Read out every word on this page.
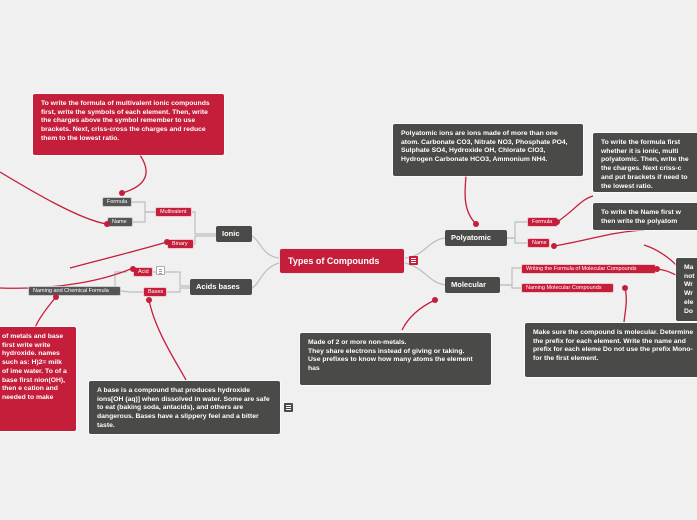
Types of Compounds
Ionic
Acids bases
Polyatomic
Molecular
Multivalent
Binary
Formula
Name
Acid
Bases
Naming and Chemical Formula
Formula
Name
Writing the Formula of Molecular Compounds
Naming Molecular Compounds
To write the formula of multivalent ionic compounds first, write the symbols of each element. Then, write the charges above the symbol remember to use brackets. Next, criss-cross the charges and reduce them to the lowest ratio.
Polyatomic ions are ions made of more than one atom. Carbonate CO3, Nitrate NO3, Phosphate PO4, Sulphate SO4, Hydroxide OH, Chlorate ClO3, Hydrogen Carbonate HCO3, Ammonium NH4.
To write the formula first whether it is ionic, multi polyatomic. Then, write the the charges. Next criss-c and put brackets if need to the lowest ratio.
To write the Name first w then write the polyatom
Ma not Wr Wr ele Do
Made of 2 or more non-metals.
They share electrons instead of giving or taking.
Use prefixes to know how many atoms the element has
Make sure the compound is molecular. Determine the prefix for each element. Write the name and prefix for each eleme Do not use the prefix Mono- for the first element.
A base is a compound that produces hydroxide ions[OH (aq)] when dissolved in water. Some are safe to eat (baking soda, antacids), and others are dangerous. Bases have a slippery feel and a bitter taste.
of metals and base first write write hydroxide. names such as: H)2= milk of ime water. To of a base first nion(OH), then e cation and needed to make
